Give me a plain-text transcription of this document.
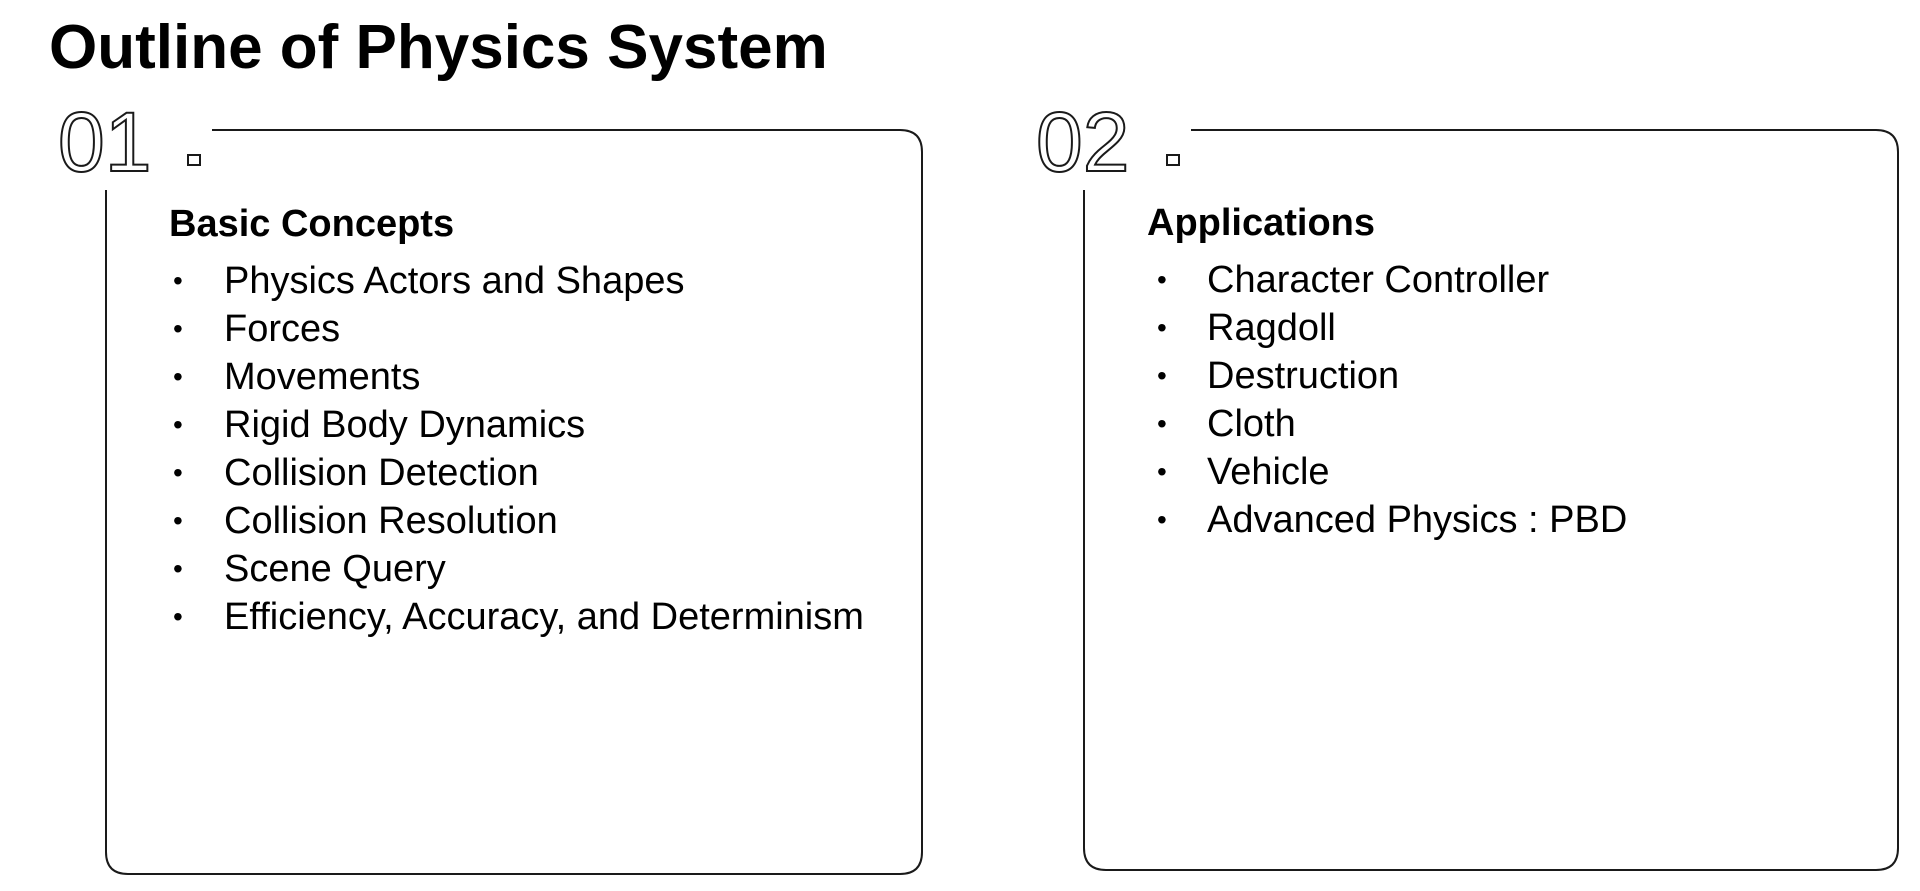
Outline of Physics System
01
Basic Concepts
• Physics Actors and Shapes
• Forces
• Movements
• Rigid Body Dynamics
• Collision Detection
• Collision Resolution
• Scene Query
• Efficiency, Accuracy, and Determinism
02
Applications
• Character Controller
• Ragdoll
• Destruction
• Cloth
• Vehicle
• Advanced Physics : PBD
